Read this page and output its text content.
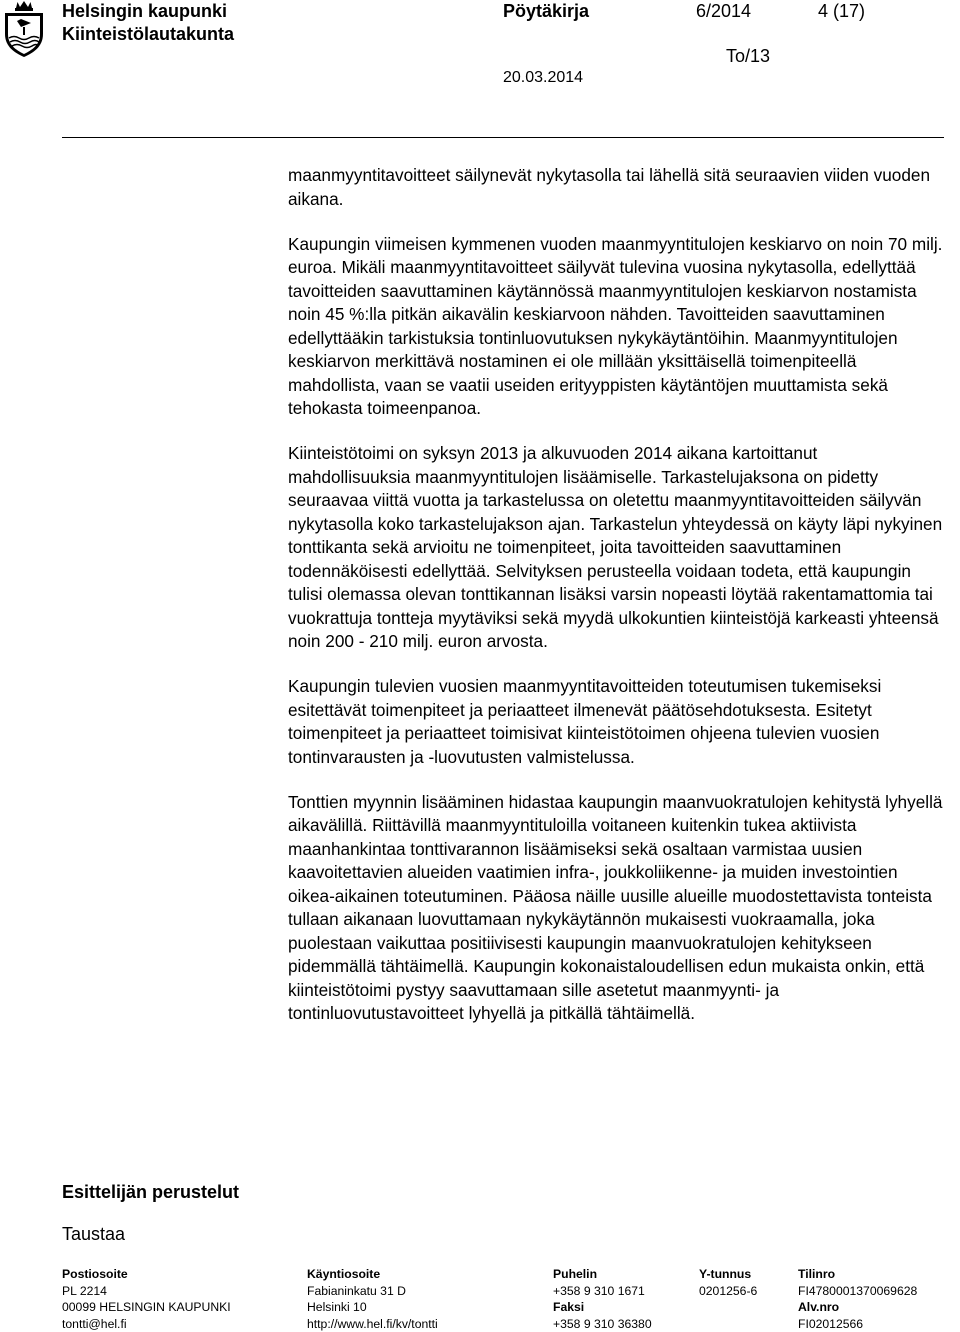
Helsingin kaupunki
Kiinteistölautakunta
Pöytäkirja	6/2014	4 (17)
To/13
20.03.2014

maanmyyntitavoitteet säilynevät nykytasolla tai lähellä sitä seuraavien viiden vuoden aikana.

Kaupungin viimeisen kymmenen vuoden maanmyyntitulojen keskiarvo on noin 70 milj. euroa. Mikäli maanmyyntitavoitteet säilyvät tulevina vuosina nykytasolla, edellyttää tavoitteiden saavuttaminen käytännössä maanmyyntitulojen keskiarvon nostamista noin 45 %:lla pitkän aikavälin keskiarvoon nähden. Tavoitteiden saavuttaminen edellyttääkin tarkistuksia tontinluovutuksen nykykäytäntöihin. Maanmyyntitulojen keskiarvon merkittävä nostaminen ei ole millään yksittäisellä toimenpiteellä mahdollista, vaan se vaatii useiden erityyppisten käytäntöjen muuttamista sekä tehokasta toimeenpanoa.

Kiinteistötoimi on syksyn 2013 ja alkuvuoden 2014 aikana kartoittanut mahdollisuuksia maanmyyntitulojen lisäämiselle. Tarkastelujaksona on pidetty seuraavaa viittä vuotta ja tarkastelussa on oletettu maanmyyntitavoitteiden säilyvän nykytasolla koko tarkastelujakson ajan. Tarkastelun yhteydessä on käyty läpi nykyinen tonttikanta sekä arvioitu ne toimenpiteet, joita tavoitteiden saavuttaminen todennäköisesti edellyttää. Selvityksen perusteella voidaan todeta, että kaupungin tulisi olemassa olevan tonttikannan lisäksi varsin nopeasti löytää rakentamattomia tai vuokrattuja tontteja myytäviksi sekä myydä ulkokuntien kiinteistöjä karkeasti yhteensä noin 200 - 210 milj. euron arvosta.

Kaupungin tulevien vuosien maanmyyntitavoitteiden toteutumisen tukemiseksi esitettävät toimenpiteet ja periaatteet ilmenevät päätösehdotuksesta. Esitetyt toimenpiteet ja periaatteet toimisivat kiinteistötoimen ohjeena tulevien vuosien tontinvarausten ja -luovutusten valmistelussa.

Tonttien myynnin lisääminen hidastaa kaupungin maanvuokratulojen kehitystä lyhyellä aikavälillä. Riittävillä maanmyyntituloilla voitaneen kuitenkin tukea aktiivista maanhankintaa tonttivarannon lisäämiseksi sekä osaltaan varmistaa uusien kaavoitettavien alueiden vaatimien infra-, joukkoliikenne- ja muiden investointien oikea-aikainen toteutuminen. Pääosa näille uusille alueille muodostettavista tonteista tullaan aikanaan luovuttamaan nykykäytännön mukaisesti vuokraamalla, joka puolestaan vaikuttaa positiivisesti kaupungin maanvuokratulojen kehitykseen pidemmällä tähtäimellä. Kaupungin kokonaistaloudellisen edun mukaista onkin, että kiinteistötoimi pystyy saavuttamaan sille asetetut maanmyynti- ja tontinluovutustavoitteet lyhyellä ja pitkällä tähtäimellä.

Esittelijän perustelut
Taustaa
Postiosoite
PL 2214
00099 HELSINGIN KAUPUNKI
tontti@hel.fi
Käyntiosoite
Fabianinkatu 31 D
Helsinki 10
http://www.hel.fi/kv/tontti
Puhelin
+358 9 310 1671
Faksi
+358 9 310 36380
Y-tunnus
0201256-6
Tilinro
FI4780001370069628
Alv.nro
FI02012566
